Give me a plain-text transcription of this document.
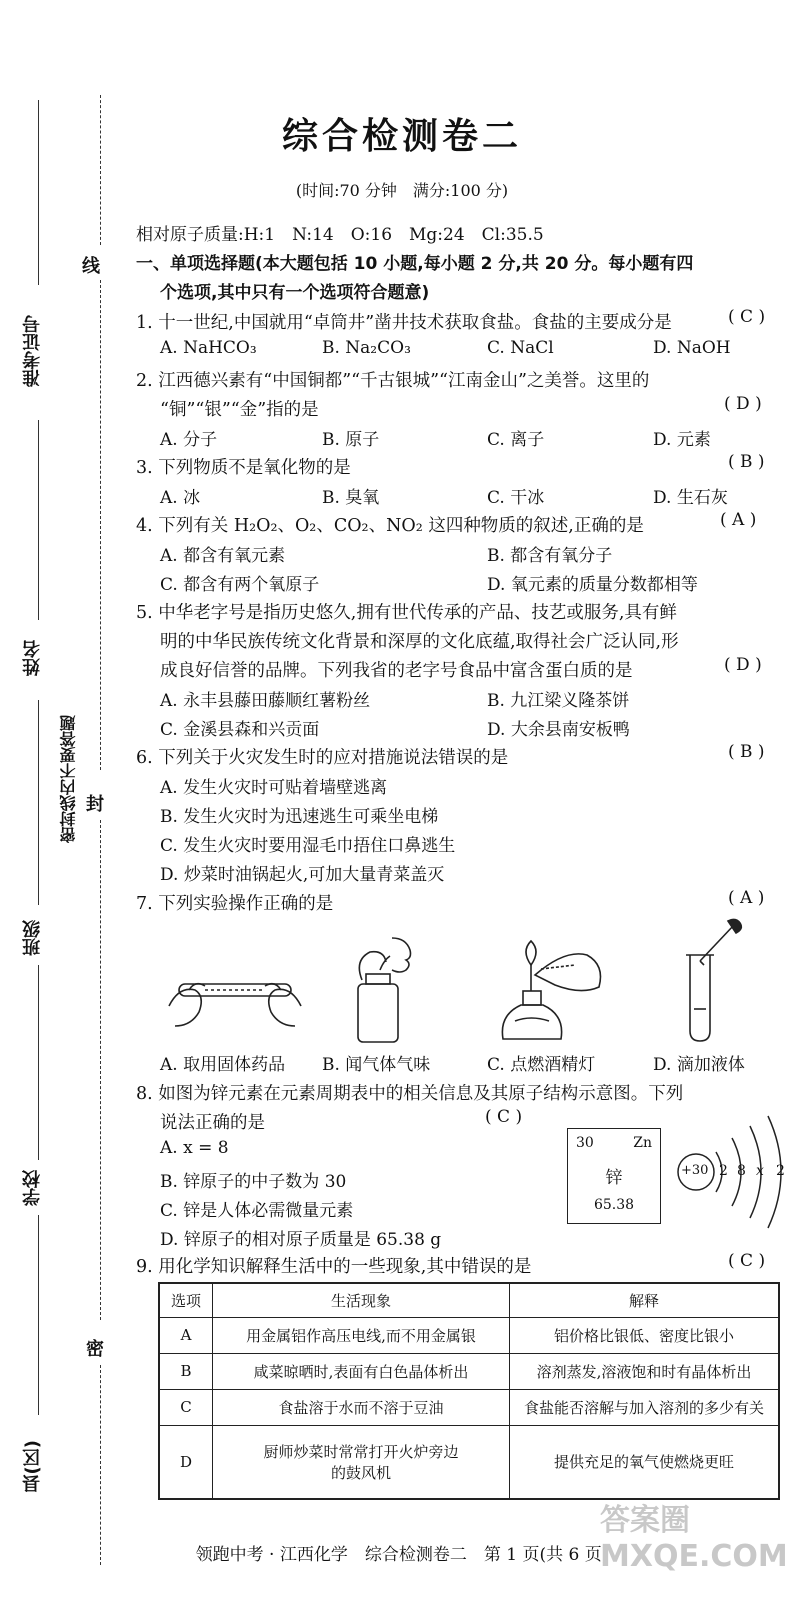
准考证号
姓名
班级
学校
县(区)
密封线内不要答题
线
封
密
综合检测卷二
(时间:70 分钟　满分:100 分)
相对原子质量:H:1　N:14　O:16　Mg:24　Cl:35.5
一、单项选择题(本大题包括 10 小题,每小题 2 分,共 20 分。每小题有四
个选项,其中只有一个选项符合题意)
1. 十一世纪,中国就用“卓筒井”凿井技术获取食盐。食盐的主要成分是	( C )
A. NaHCO₃	B. Na₂CO₃	C. NaCl	D. NaOH
2. 江西德兴素有“中国铜都”“千古银城”“江南金山”之美誉。这里的
“铜”“银”“金”指的是	( D )
A. 分子	B. 原子	C. 离子	D. 元素
3. 下列物质不是氧化物的是	( B )
A. 冰	B. 臭氧	C. 干冰	D. 生石灰
4. 下列有关 H₂O₂、O₂、CO₂、NO₂ 这四种物质的叙述,正确的是	( A )
A. 都含有氧元素	B. 都含有氧分子
C. 都含有两个氧原子	D. 氧元素的质量分数都相等
5. 中华老字号是指历史悠久,拥有世代传承的产品、技艺或服务,具有鲜
明的中华民族传统文化背景和深厚的文化底蕴,取得社会广泛认同,形
成良好信誉的品牌。下列我省的老字号食品中富含蛋白质的是	( D )
A. 永丰县藤田藤顺红薯粉丝	B. 九江梁义隆茶饼
C. 金溪县森和兴贡面	D. 大余县南安板鸭
6. 下列关于火灾发生时的应对措施说法错误的是	( B )
A. 发生火灾时可贴着墙壁逃离
B. 发生火灾时为迅速逃生可乘坐电梯
C. 发生火灾时要用湿毛巾捂住口鼻逃生
D. 炒菜时油锅起火,可加大量青菜盖灭
7. 下列实验操作正确的是	( A )
A. 取用固体药品 B. 闻气体气味	C. 点燃酒精灯	D. 滴加液体
8. 如图为锌元素在元素周期表中的相关信息及其原子结构示意图。下列
说法正确的是	( C )
A. x = 8
B. 锌原子的中子数为 30
C. 锌是人体必需微量元素
D. 锌原子的相对原子质量是 65.38 g
30	Zn
锌
65.38
+30 2 8 x 2
9. 用化学知识解释生活中的一些现象,其中错误的是	( C )
选项	生活现象	解释
A	用金属铝作高压电线,而不用金属银	铝价格比银低、密度比银小
B	咸菜晾晒时,表面有白色晶体析出	溶剂蒸发,溶液饱和时有晶体析出
C	食盐溶于水而不溶于豆油	食盐能否溶解与加入溶剂的多少有关
D	厨师炒菜时常常打开火炉旁边的鼓风机	提供充足的氧气使燃烧更旺
领跑中考 · 江西化学　综合检测卷二　第 1 页(共 6 页)
答案圈 MXQE.COM
